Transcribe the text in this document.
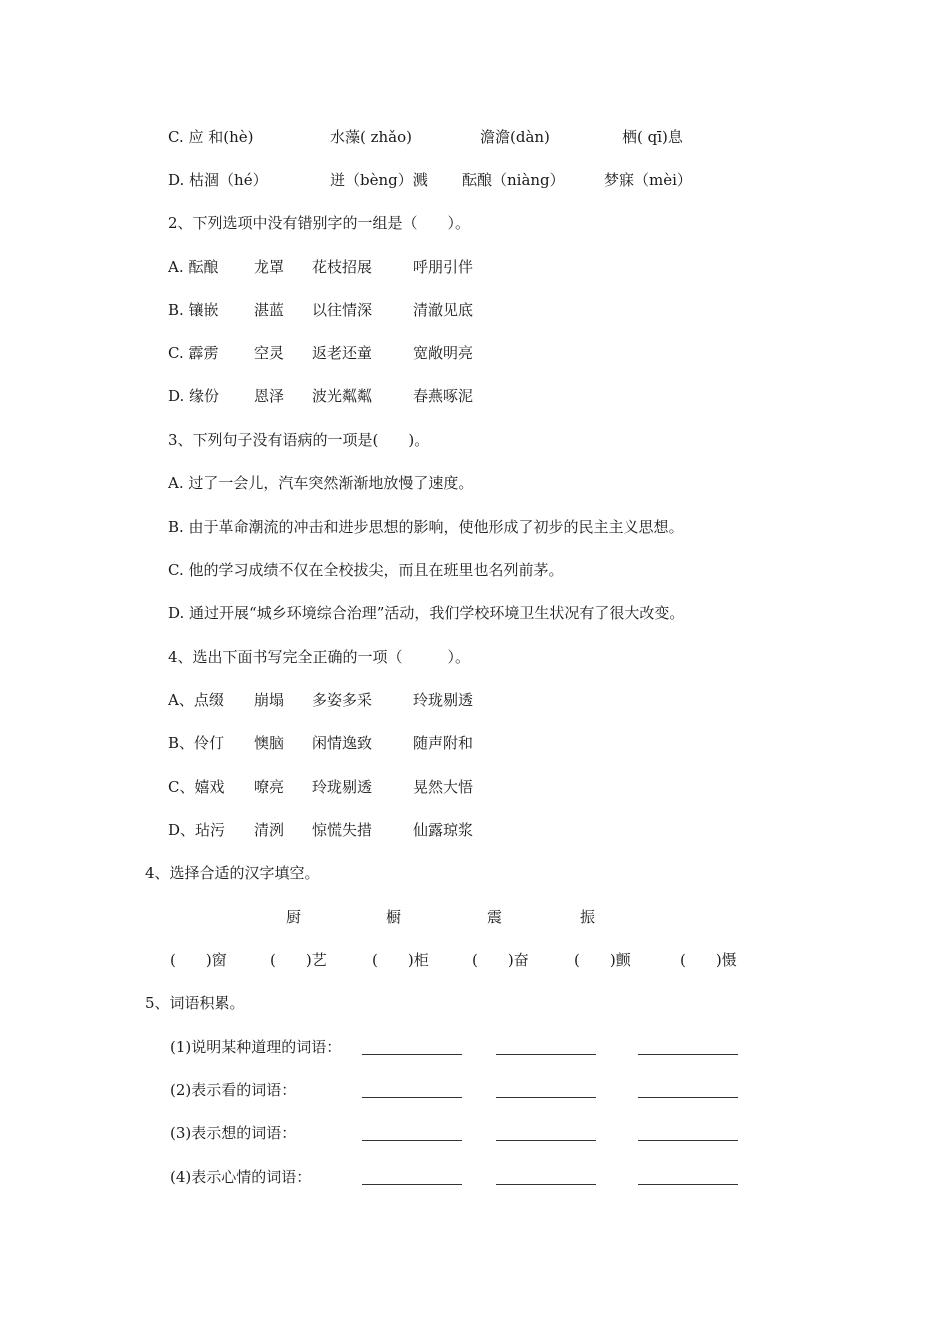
C. 应 和(hè)	水藻( zhǎo)	澹澹(dàn)	栖( qī)息
D. 枯涸（hé）	迸（bèng）溅 酝酿（niàng）	梦寐（mèi）
2、下列选项中没有错别字的一组是（　　）。
A. 酝酿 龙罩 花枝招展	呼朋引伴
B. 镶嵌 湛蓝 以往情深	清澈见底
C. 霹雳 空灵 返老还童	宽敞明亮
D. 缘份 恩泽 波光粼粼	春燕啄泥
3、下列句子没有语病的一项是(　　)。
A. 过了一会儿，汽车突然渐渐地放慢了速度。
B. 由于革命潮流的冲击和进步思想的影响，使他形成了初步的民主主义思想。
C. 他的学习成绩不仅在全校拔尖，而且在班里也名列前茅。
D. 通过开展“城乡环境综合治理”活动，我们学校环境卫生状况有了很大改变。
4、选出下面书写完全正确的一项（　　　）。
A、点缀 崩塌 多姿多采	玲珑剔透
B、伶仃 懊脑 闲情逸致	随声附和
C、嬉戏 嘹亮 玲珑剔透	晃然大悟
D、玷污 清洌 惊慌失措	仙露琼浆
4、选择合适的汉字填空。
厨	橱	震	振
(　　)窗	(　　)艺	(　　)柜	(　　)奋	(　　)颤	(　　)慑
5、词语积累。
(1)说明某种道理的词语：
(2)表示看的词语：
(3)表示想的词语：
(4)表示心情的词语：
